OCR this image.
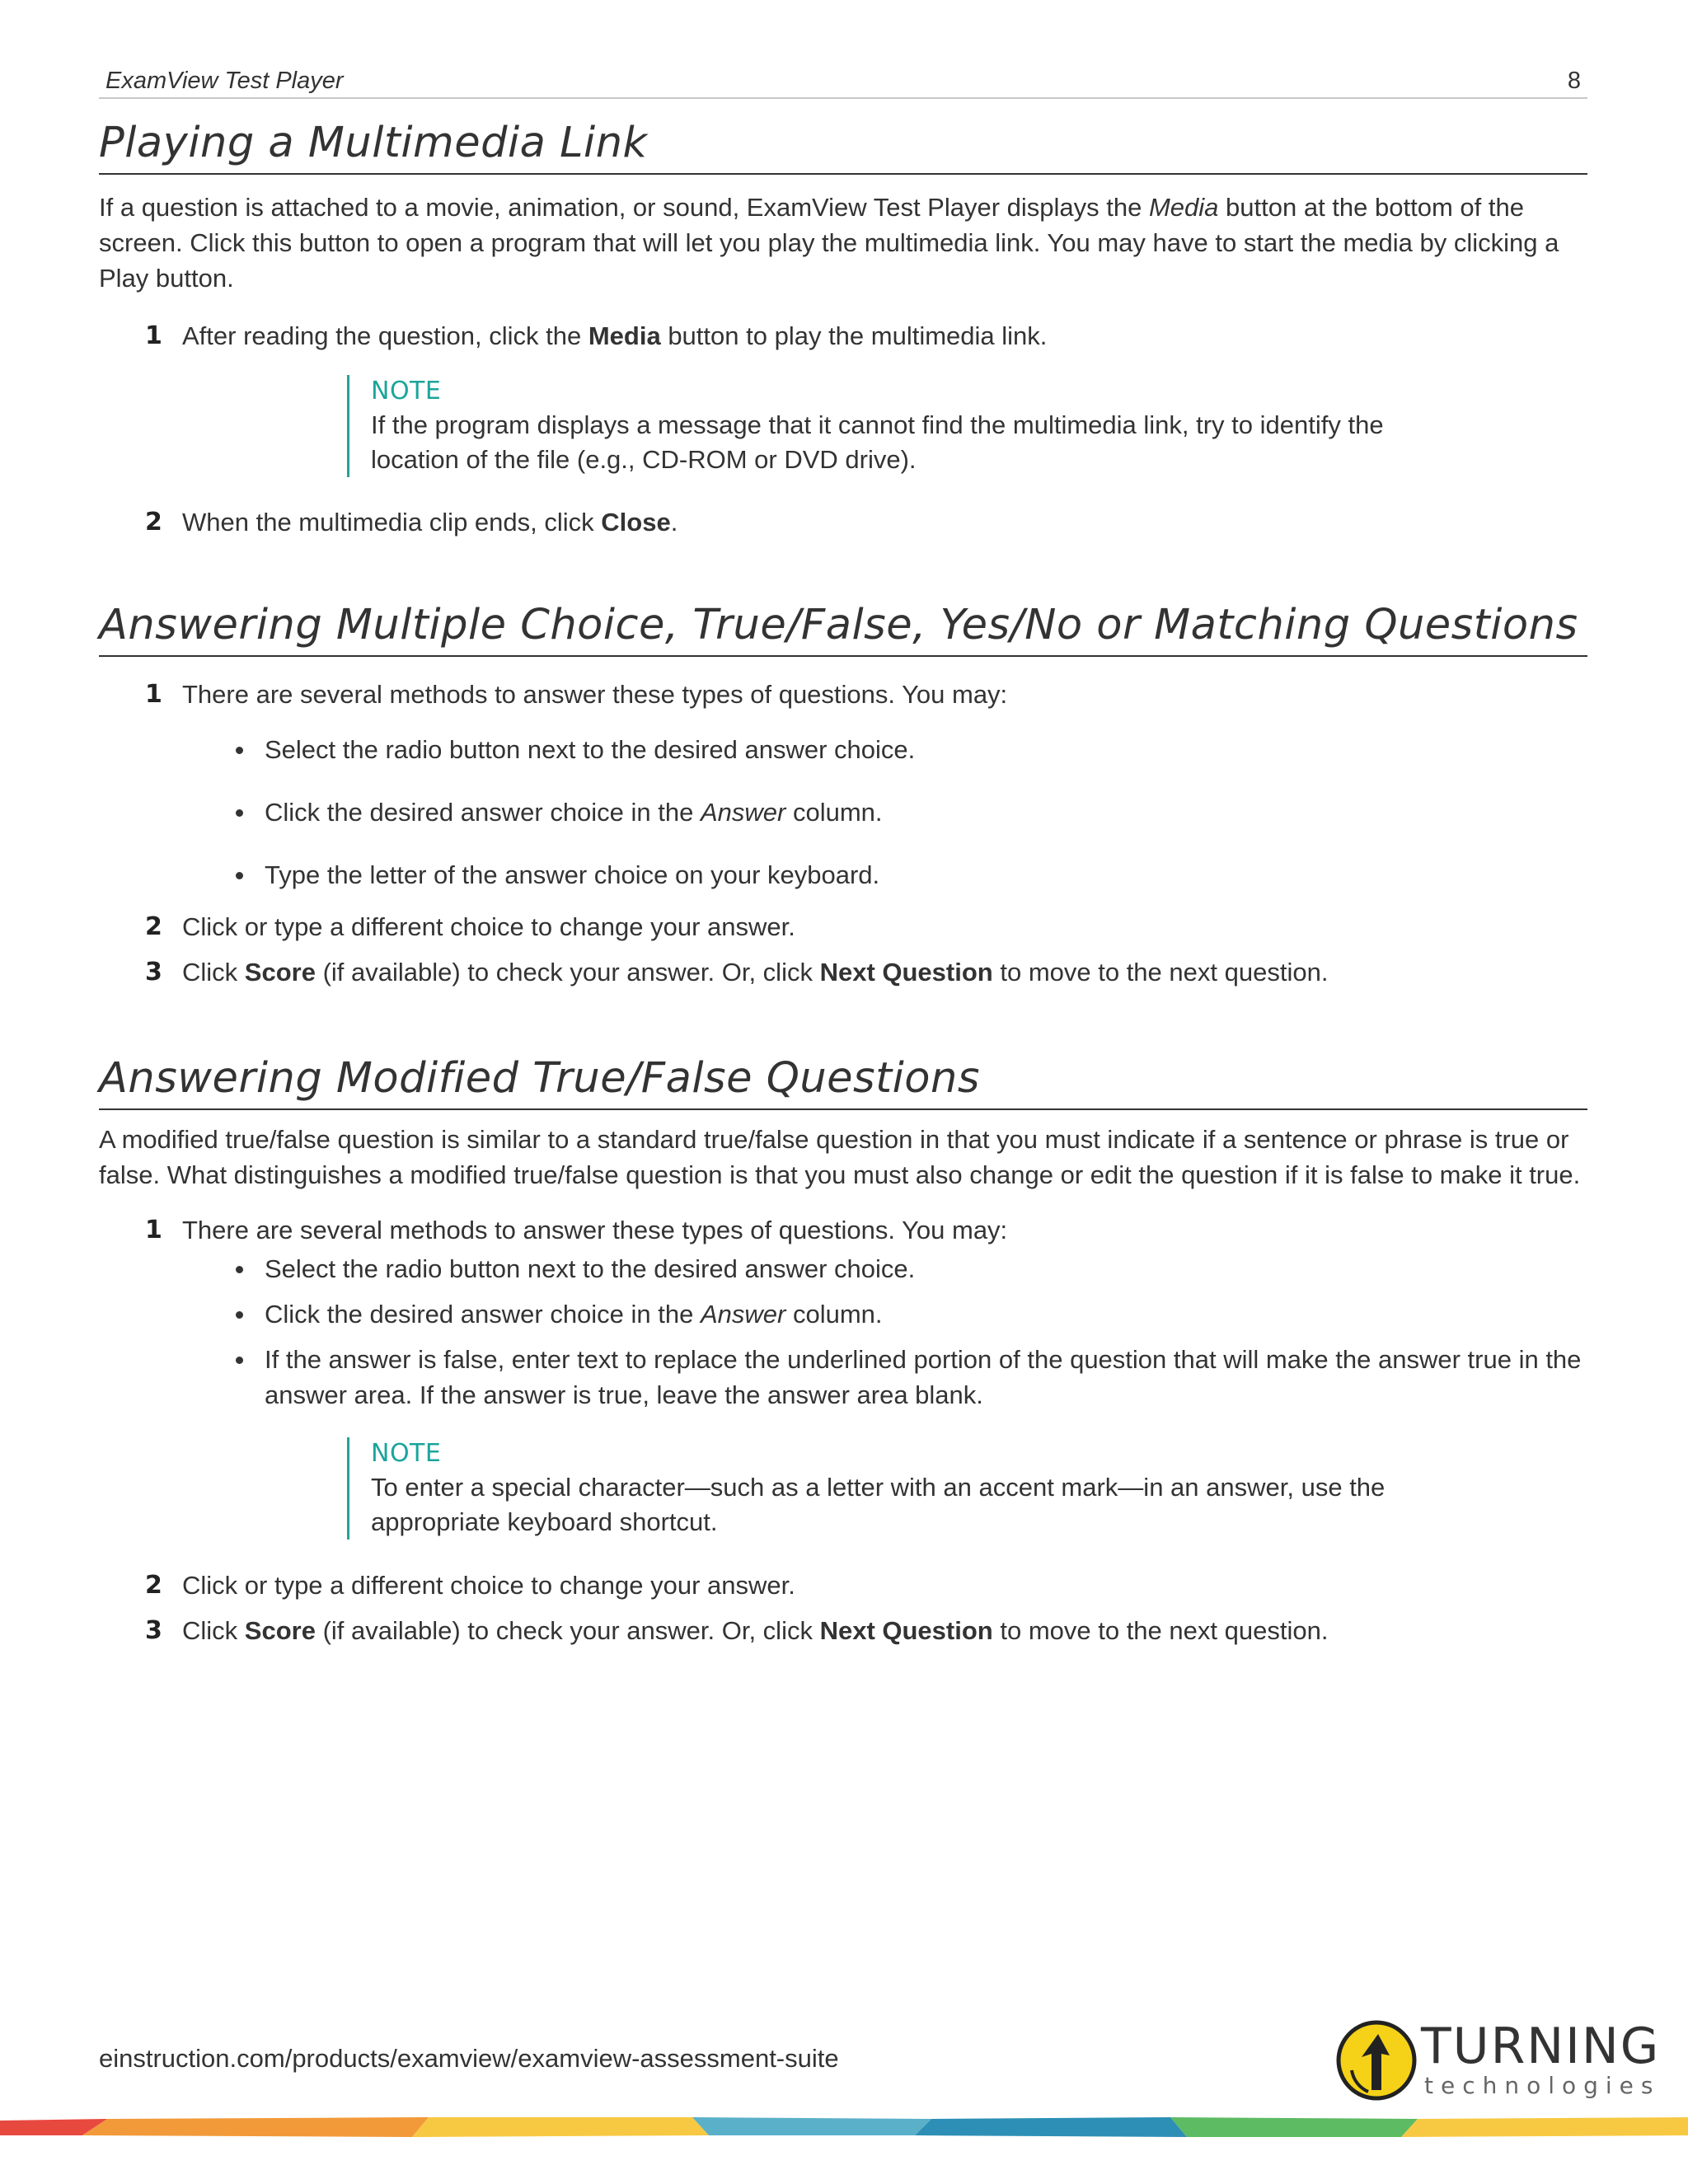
ExamView Test Player	8
Playing a Multimedia Link

If a question is attached to a movie, animation, or sound, ExamView Test Player displays the Media button at the bottom of the screen. Click this button to open a program that will let you play the multimedia link. You may have to start the media by clicking a Play button.

1 After reading the question, click the Media button to play the multimedia link.
NOTE
If the program displays a message that it cannot find the multimedia link, try to identify the location of the file (e.g., CD-ROM or DVD drive).
2 When the multimedia clip ends, click Close.
Answering Multiple Choice, True/False, Yes/No or Matching Questions
1 There are several methods to answer these types of questions. You may:
Select the radio button next to the desired answer choice.
Click the desired answer choice in the Answer column.
Type the letter of the answer choice on your keyboard.
2 Click or type a different choice to change your answer.
3 Click Score (if available) to check your answer. Or, click Next Question to move to the next question.
Answering Modified True/False Questions

A modified true/false question is similar to a standard true/false question in that you must indicate if a sentence or phrase is true or false. What distinguishes a modified true/false question is that you must also change or edit the question if it is false to make it true.

1 There are several methods to answer these types of questions. You may:
Select the radio button next to the desired answer choice.
Click the desired answer choice in the Answer column.
If the answer is false, enter text to replace the underlined portion of the question that will make the answer true in the answer area. If the answer is true, leave the answer area blank.
NOTE
To enter a special character—such as a letter with an accent mark—in an answer, use the appropriate keyboard shortcut.
2 Click or type a different choice to change your answer.
3 Click Score (if available) to check your answer. Or, click Next Question to move to the next question.
einstruction.com/products/examview/examview-assessment-suite	TURNING
technologies
